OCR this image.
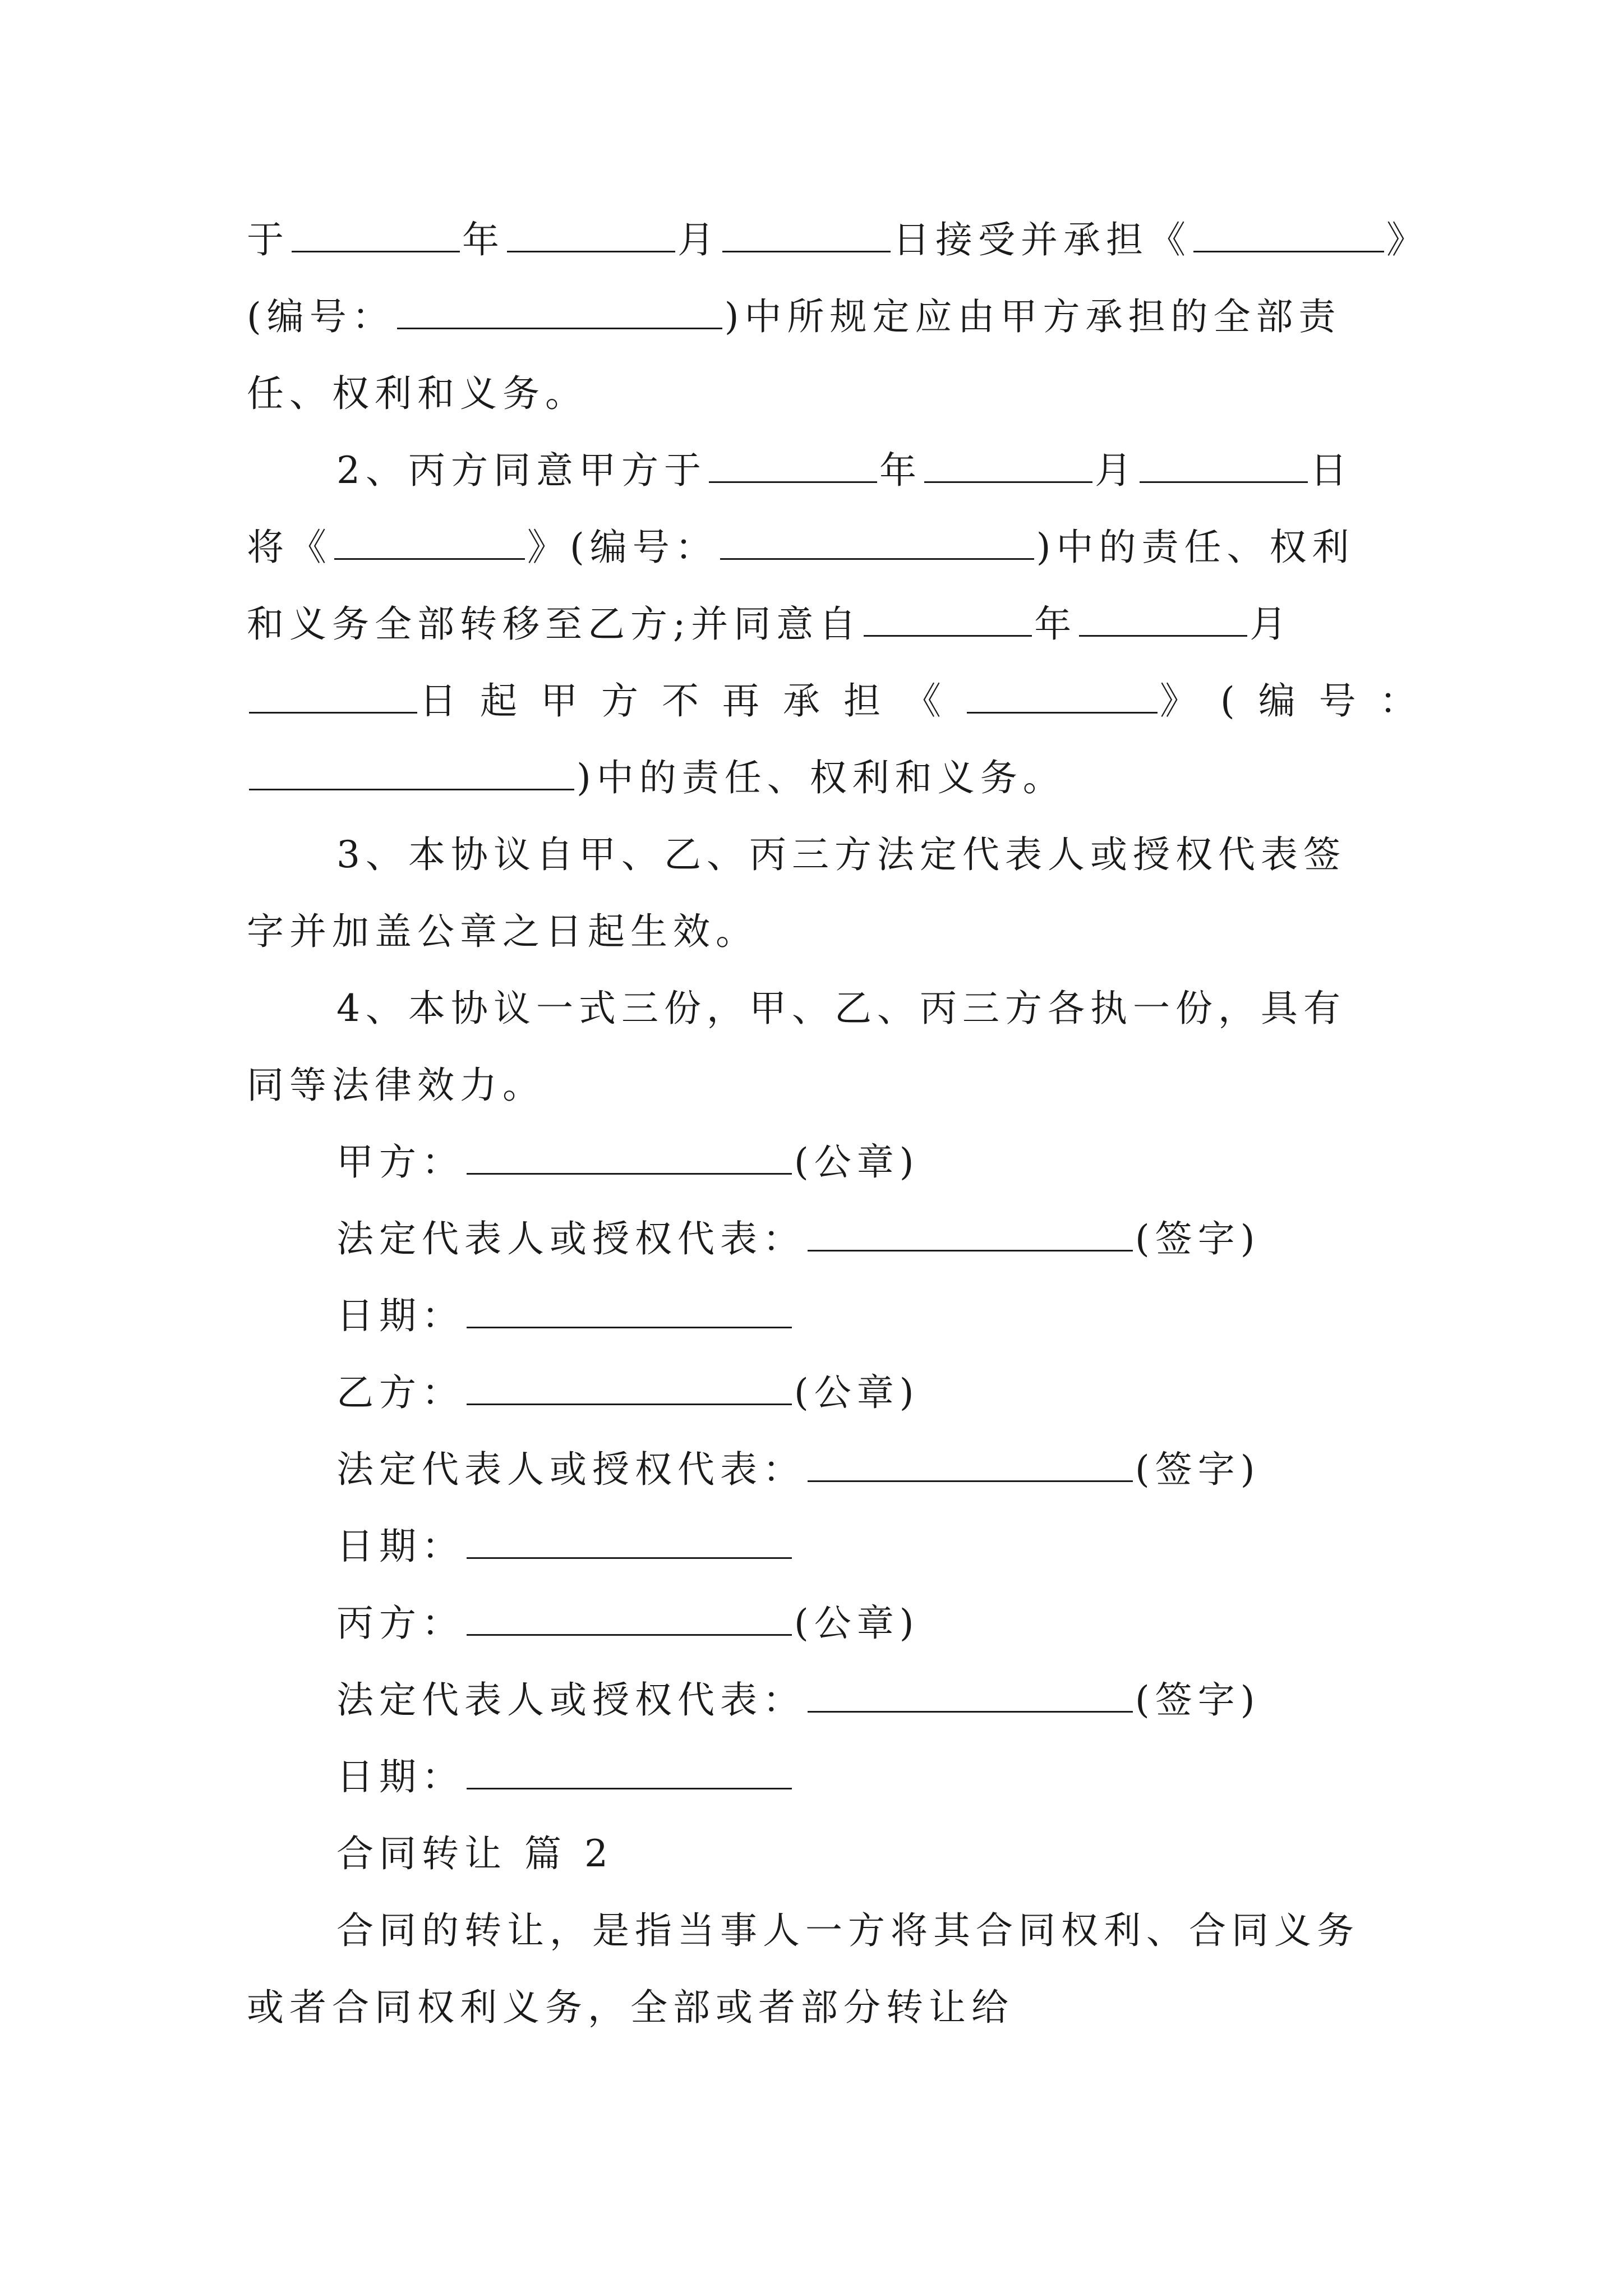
于	年	月	日接受并承担《	》
(编号：	)中所规定应由甲方承担的全部责
任、权利和义务。
2、丙方同意甲方于	年	月	日
将《	》(编号：	)中的责任、权利
和义务全部转移至乙方;并同意自	年	月
日起甲方不再承担《	》(编号：
)中的责任、权利和义务。
3、本协议自甲、乙、丙三方法定代表人或授权代表签
字并加盖公章之日起生效。
4、本协议一式三份，甲、乙、丙三方各执一份，具有
同等法律效力。
甲方：	(公章)
法定代表人或授权代表：	(签字)
日期：
乙方：	(公章)
法定代表人或授权代表：	(签字)
日期：
丙方：	(公章)
法定代表人或授权代表：	(签字)
日期：
合同转让 篇 2
合同的转让，是指当事人一方将其合同权利、合同义务
或者合同权利义务，全部或者部分转让给
